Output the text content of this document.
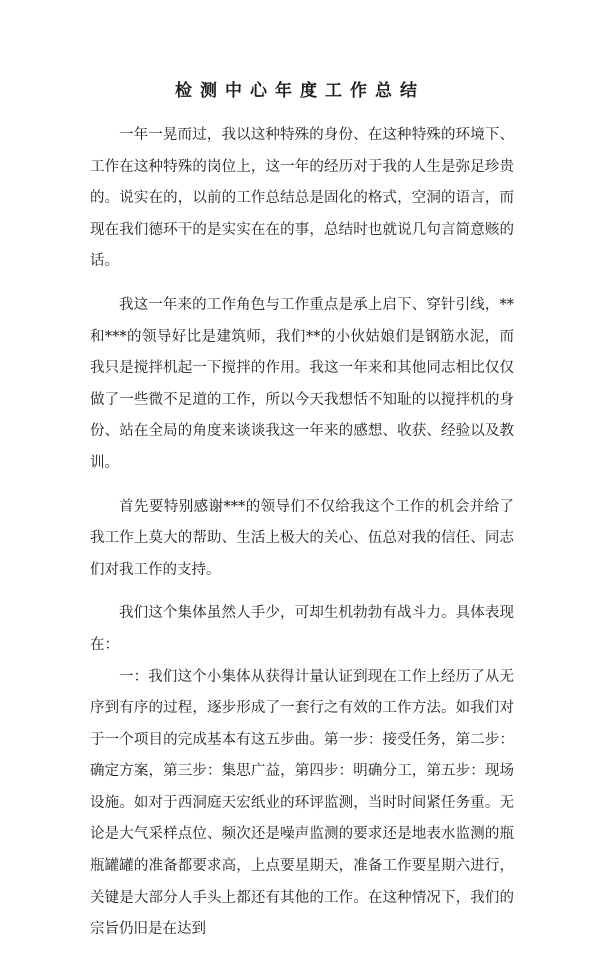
检测中心年度工作总结

一年一晃而过，我以这种特殊的身份、在这种特殊的环境下、工作在这种特殊的岗位上，这一年的经历对于我的人生是弥足珍贵的。说实在的，以前的工作总结总是固化的格式，空洞的语言，而现在我们德环干的是实实在在的事，总结时也就说几句言简意赅的话。

我这一年来的工作角色与工作重点是承上启下、穿针引线，**和***的领导好比是建筑师，我们**的小伙姑娘们是钢筋水泥，而我只是搅拌机起一下搅拌的作用。我这一年来和其他同志相比仅仅做了一些微不足道的工作，所以今天我想恬不知耻的以搅拌机的身份、站在全局的角度来谈谈我这一年来的感想、收获、经验以及教训。

首先要特别感谢***的领导们不仅给我这个工作的机会并给了我工作上莫大的帮助、生活上极大的关心、伍总对我的信任、同志们对我工作的支持。

我们这个集体虽然人手少，可却生机勃勃有战斗力。具体表现在：

一：我们这个小集体从获得计量认证到现在工作上经历了从无序到有序的过程，逐步形成了一套行之有效的工作方法。如我们对于一个项目的完成基本有这五步曲。第一步：接受任务，第二步：确定方案，第三步：集思广益，第四步：明确分工，第五步：现场设施。如对于西洞庭天宏纸业的环评监测，当时时间紧任务重。无论是大气采样点位、频次还是噪声监测的要求还是地表水监测的瓶瓶罐罐的准备都要求高，上点要星期天，准备工作要星期六进行，关键是大部分人手头上都还有其他的工作。在这种情况下，我们的宗旨仍旧是在达到
